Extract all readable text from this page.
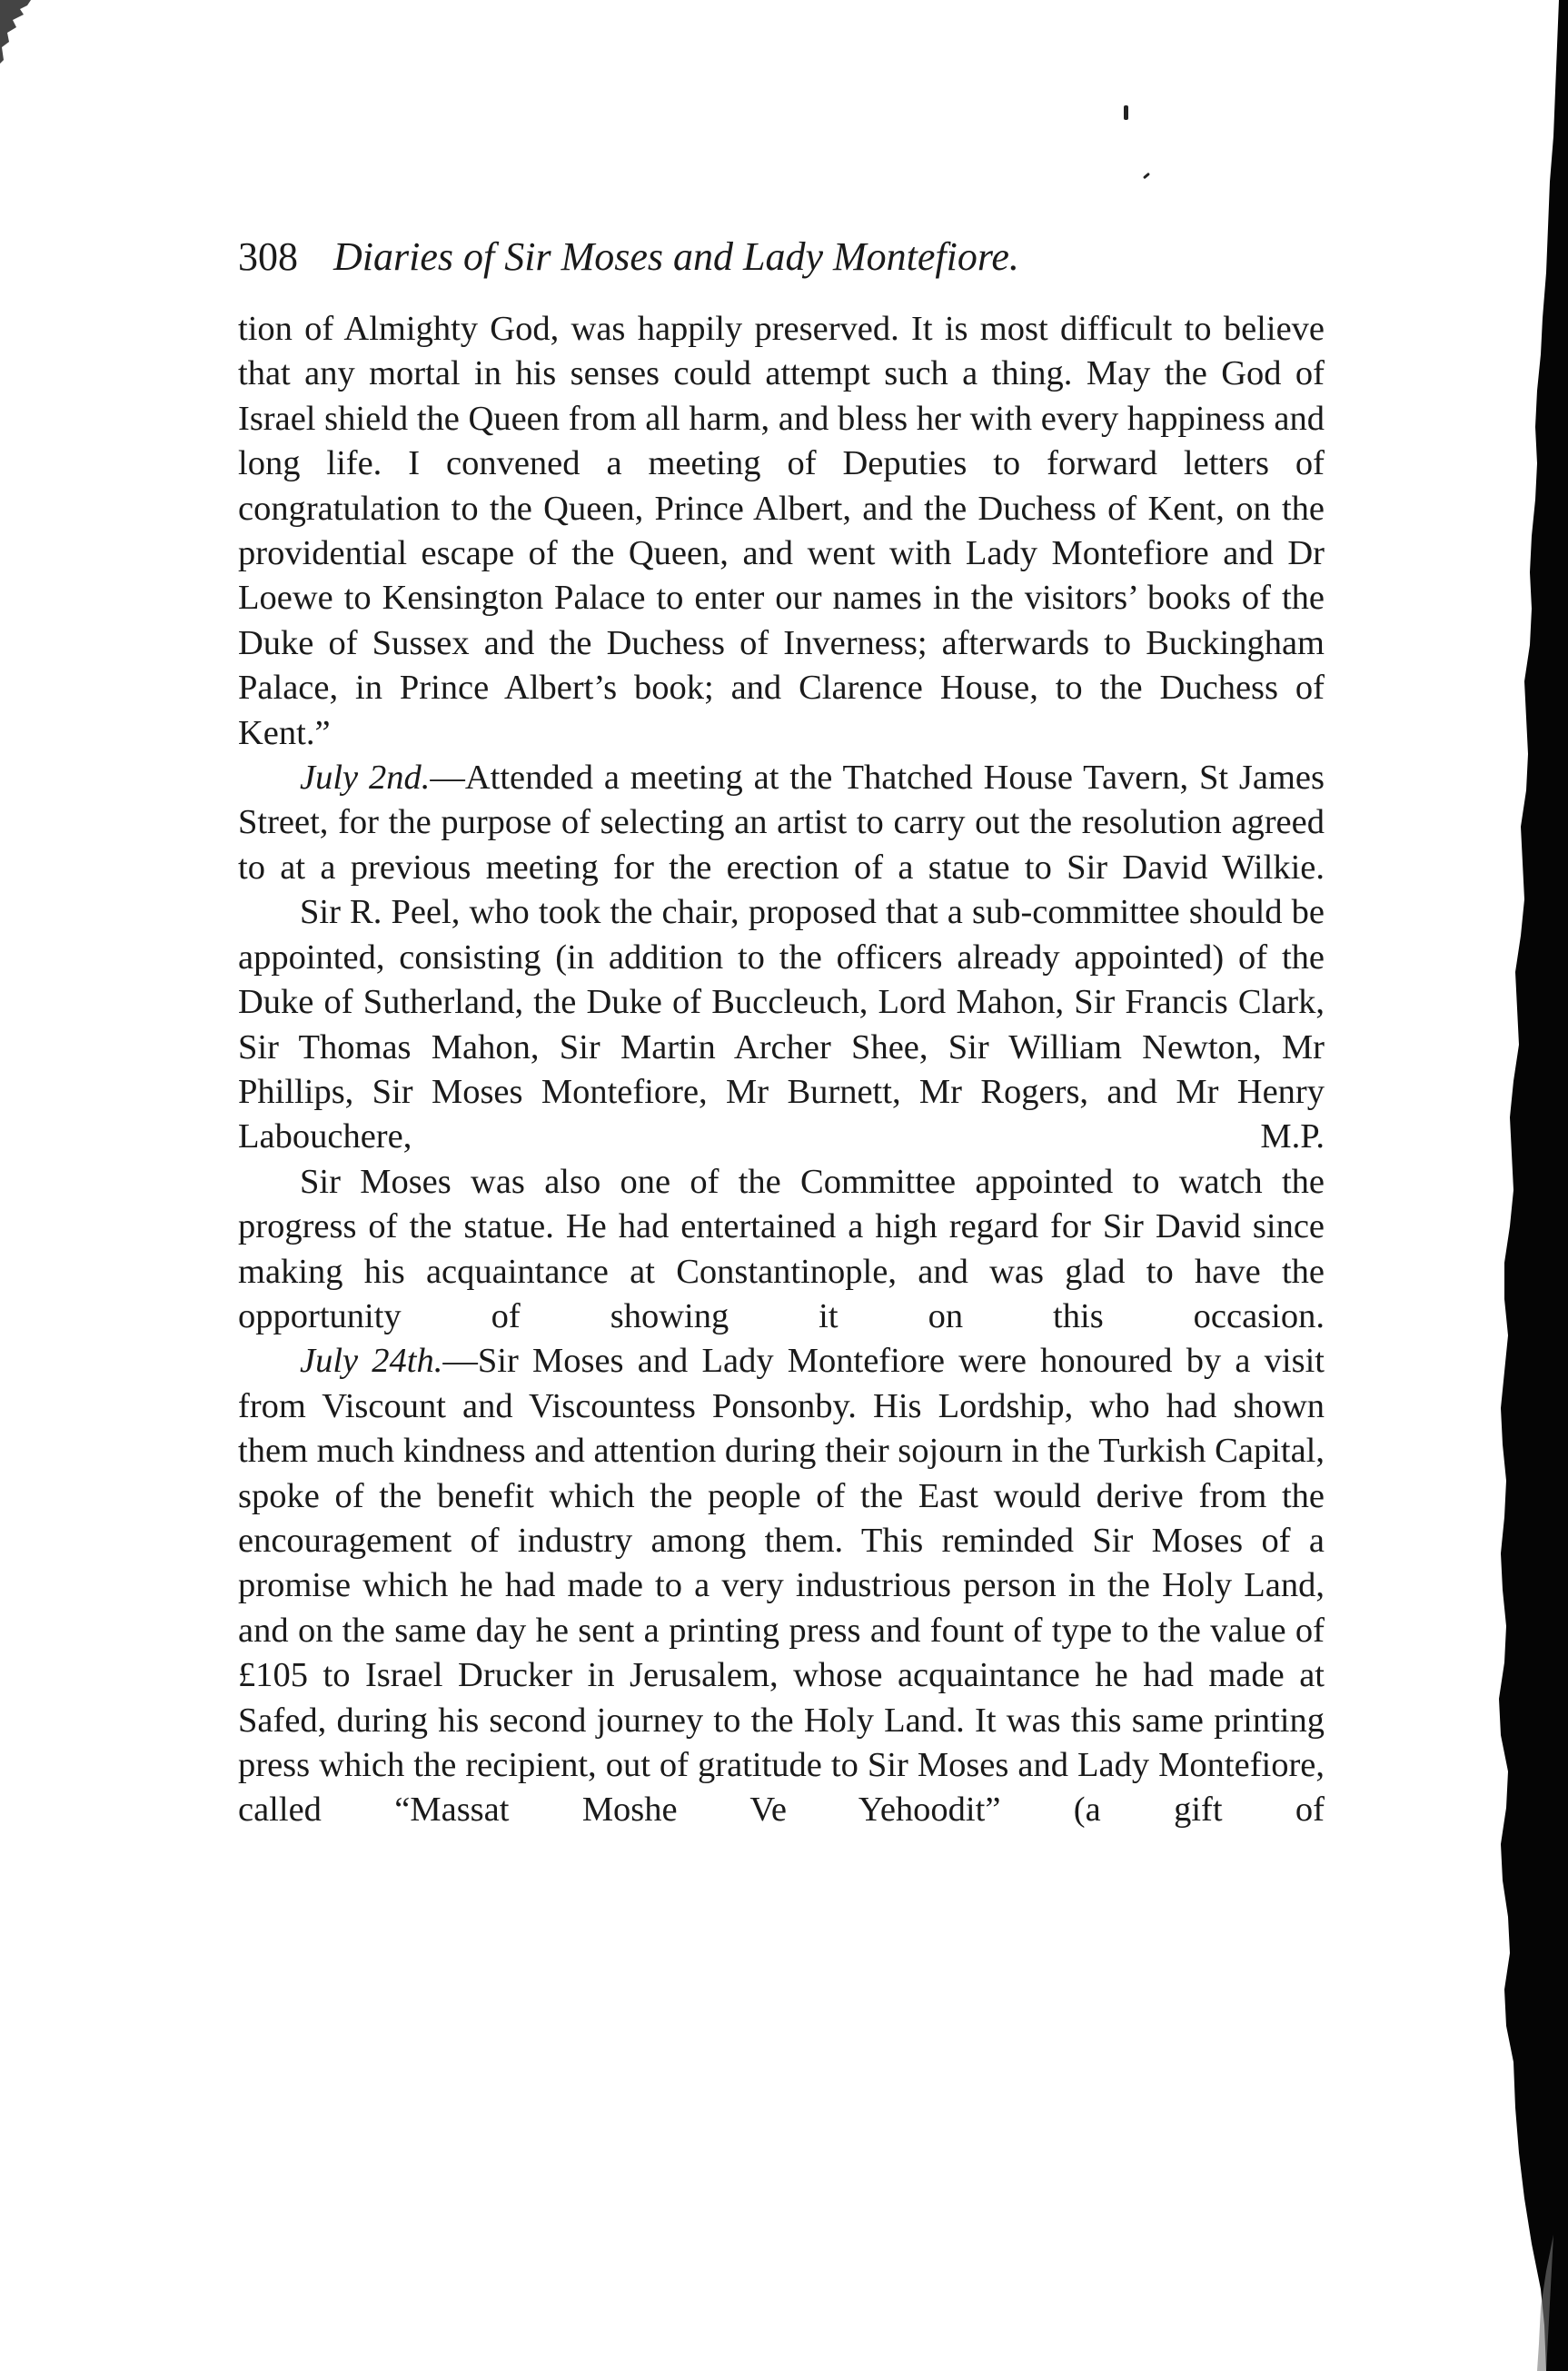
308 Diaries of Sir Moses and Lady Montefiore.

tion of Almighty God, was happily preserved. It is most difficult to believe that any mortal in his senses could attempt such a thing. May the God of Israel shield the Queen from all harm, and bless her with every happiness and long life. I convened a meeting of Deputies to forward letters of congratulation to the Queen, Prince Albert, and the Duchess of Kent, on the providential escape of the Queen, and went with Lady Montefiore and Dr Loewe to Kensington Palace to enter our names in the visitors’ books of the Duke of Sussex and the Duchess of Inverness; afterwards to Buckingham Palace, in Prince Albert’s book; and Clarence House, to the Duchess of Kent.”

July 2nd.—Attended a meeting at the Thatched House Tavern, St James Street, for the purpose of selecting an artist to carry out the resolution agreed to at a previous meeting for the erection of a statue to Sir David Wilkie.

Sir R. Peel, who took the chair, proposed that a sub-committee should be appointed, consisting (in addition to the officers already appointed) of the Duke of Sutherland, the Duke of Buccleuch, Lord Mahon, Sir Francis Clark, Sir Thomas Mahon, Sir Martin Archer Shee, Sir William Newton, Mr Phillips, Sir Moses Montefiore, Mr Burnett, Mr Rogers, and Mr Henry Labouchere, M.P.

Sir Moses was also one of the Committee appointed to watch the progress of the statue. He had entertained a high regard for Sir David since making his acquaintance at Constantinople, and was glad to have the opportunity of showing it on this occasion.

July 24th.—Sir Moses and Lady Montefiore were honoured by a visit from Viscount and Viscountess Ponsonby. His Lordship, who had shown them much kindness and attention during their sojourn in the Turkish Capital, spoke of the benefit which the people of the East would derive from the encouragement of industry among them. This reminded Sir Moses of a promise which he had made to a very industrious person in the Holy Land, and on the same day he sent a printing press and fount of type to the value of £105 to Israel Drucker in Jerusalem, whose acquaintance he had made at Safed, during his second journey to the Holy Land. It was this same printing press which the recipient, out of gratitude to Sir Moses and Lady Montefiore, called “Massat Moshe Ve Yehoodit” (a gift of
